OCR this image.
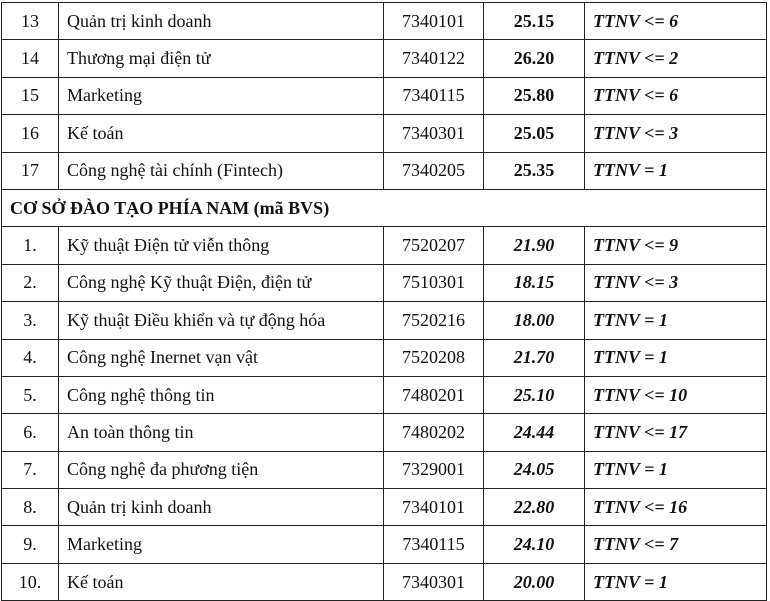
13	Quản trị kinh doanh	7340101	25.15	TTNV <= 6
14	Thương mại điện tử	7340122	26.20	TTNV <= 2
15	Marketing	7340115	25.80	TTNV <= 6
16	Kế toán	7340301	25.05	TTNV <= 3
17	Công nghệ tài chính (Fintech)	7340205	25.35	TTNV = 1
CƠ SỞ ĐÀO TẠO PHÍA NAM (mã BVS)				
1.	Kỹ thuật Điện tử viễn thông	7520207	21.90	TTNV <= 9
2.	Công nghệ Kỹ thuật Điện, điện tử	7510301	18.15	TTNV <= 3
3.	Kỹ thuật Điều khiển và tự động hóa	7520216	18.00	TTNV = 1
4.	Công nghệ Inernet vạn vật	7520208	21.70	TTNV = 1
5.	Công nghệ thông tin	7480201	25.10	TTNV <= 10
6.	An toàn thông tin	7480202	24.44	TTNV <= 17
7.	Công nghệ đa phương tiện	7329001	24.05	TTNV = 1
8.	Quản trị kinh doanh	7340101	22.80	TTNV <= 16
9.	Marketing	7340115	24.10	TTNV <= 7
10.	Kế toán	7340301	20.00	TTNV = 1
